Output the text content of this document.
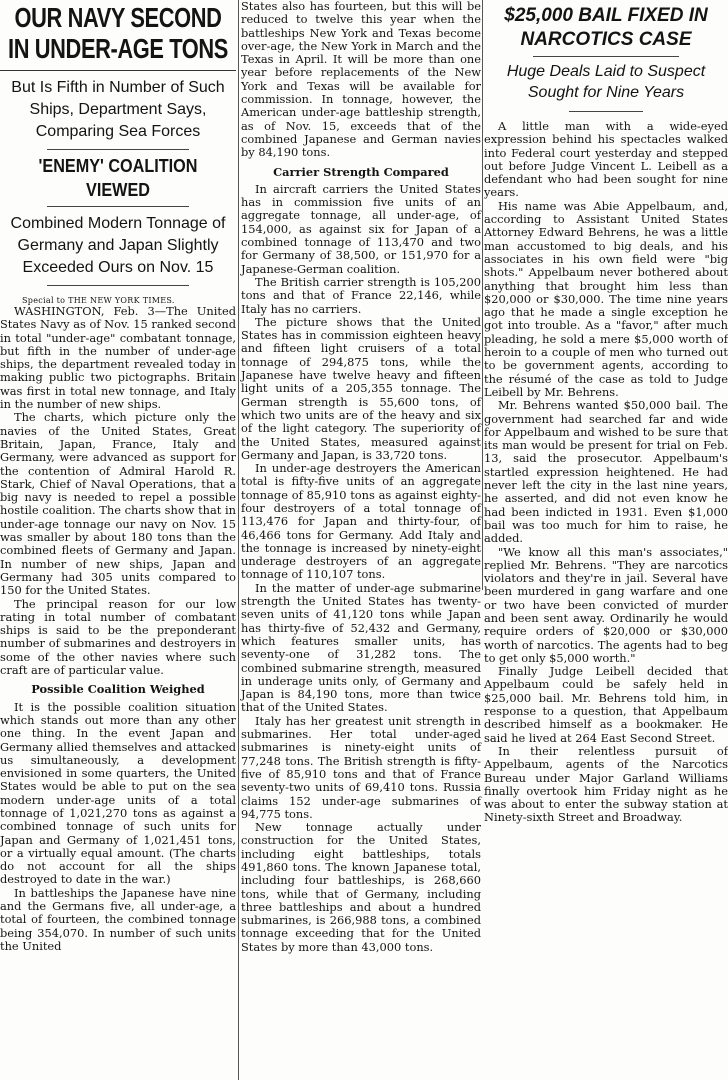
OUR NAVY SECOND IN UNDER-AGE TONS
But Is Fifth in Number of Such Ships, Department Says, Comparing Sea Forces
'ENEMY' COALITION VIEWED
Combined Modern Tonnage of Germany and Japan Slightly Exceeded Ours on Nov. 15
Special to THE NEW YORK TIMES.

WASHINGTON, Feb. 3—The United States Navy as of Nov. 15 ranked second in total "under-age" combatant tonnage, but fifth in the number of under-age ships, the department revealed today in making public two pictographs. Britain was first in total new tonnage, and Italy in the number of new ships.

The charts, which picture only the navies of the United States, Great Britain, Japan, France, Italy and Germany, were advanced as support for the contention of Admiral Harold R. Stark, Chief of Naval Operations, that a big navy is needed to repel a possible hostile coalition. The charts show that in under-age tonnage our navy on Nov. 15 was smaller by about 180 tons than the combined fleets of Germany and Japan. In number of new ships, Japan and Germany had 305 units compared to 150 for the United States.

The principal reason for our low rating in total number of combatant ships is said to be the preponderant number of submarines and destroyers in some of the other navies where such craft are of particular value.

Possible Coalition Weighed

It is the possible coalition situation which stands out more than any other one thing. In the event Japan and Germany allied themselves and attacked us simultaneously, a development envisioned in some quarters, the United States would be able to put on the sea modern under-age units of a total tonnage of 1,021,270 tons as against a combined tonnage of such units for Japan and Germany of 1,021,451 tons, or a virtually equal amount. (The charts do not account for all the ships destroyed to date in the war.)

In battleships the Japanese have nine and the Germans five, all under-age, a total of fourteen, the combined tonnage being 354,070. In number of such units the United

States also has fourteen, but this will be reduced to twelve this year when the battleships New York and Texas become over-age, the New York in March and the Texas in April. It will be more than one year before replacements of the New York and Texas will be available for commission. In tonnage, however, the American under-age battleship strength, as of Nov. 15, exceeds that of the combined Japanese and German navies by 84,190 tons.

Carrier Strength Compared

In aircraft carriers the United States has in commission five units of an aggregate tonnage, all under-age, of 154,000, as against six for Japan of a combined tonnage of 113,470 and two for Germany of 38,500, or 151,970 for a Japanese-German coalition.

The British carrier strength is 105,200 tons and that of France 22,146, while Italy has no carriers.

The picture shows that the United States has in commission eighteen heavy and fifteen light cruisers of a total tonnage of 294,875 tons, while the Japanese have twelve heavy and fifteen light units of a 205,355 tonnage. The German strength is 55,600 tons, of which two units are of the heavy and six of the light category. The superiority of the United States, measured against Germany and Japan, is 33,720 tons.

In under-age destroyers the American total is fifty-five units of an aggregate tonnage of 85,910 tons as against eighty-four destroyers of a total tonnage of 113,476 for Japan and thirty-four, of 46,466 tons for Germany. Add Italy and the tonnage is increased by ninety-eight underage destroyers of an aggregate tonnage of 110,107 tons.

In the matter of under-age submarine strength the United States has twenty-seven units of 41,120 tons while Japan has thirty-five of 52,432 and Germany, which features smaller units, has seventy-one of 31,282 tons. The combined submarine strength, measured in underage units only, of Germany and Japan is 84,190 tons, more than twice that of the United States.

Italy has her greatest unit strength in submarines. Her total under-aged submarines is ninety-eight units of 77,248 tons. The British strength is fifty-five of 85,910 tons and that of France seventy-two units of 69,410 tons. Russia claims 152 under-age submarines of 94,775 tons.

New tonnage actually under construction for the United States, including eight battleships, totals 491,860 tons. The known Japanese total, including four battleships, is 268,660 tons, while that of Germany, including three battleships and about a hundred submarines, is 266,988 tons, a combined tonnage exceeding that for the United States by more than 43,000 tons.

$25,000 BAIL FIXED IN NARCOTICS CASE
Huge Deals Laid to Suspect Sought for Nine Years

A little man with a wide-eyed expression behind his spectacles walked into Federal court yesterday and stepped out before Judge Vincent L. Leibell as a defendant who had been sought for nine years.

His name was Abie Appelbaum, and, according to Assistant United States Attorney Edward Behrens, he was a little man accustomed to big deals, and his associates in his own field were "big shots." Appelbaum never bothered about anything that brought him less than $20,000 or $30,000. The time nine years ago that he made a single exception he got into trouble. As a "favor," after much pleading, he sold a mere $5,000 worth of heroin to a couple of men who turned out to be government agents, according to the résumé of the case as told to Judge Leibell by Mr. Behrens.

Mr. Behrens wanted $50,000 bail. The government had searched far and wide for Appelbaum and wished to be sure that its man would be present for trial on Feb. 13, said the prosecutor. Appelbaum's startled expression heightened. He had never left the city in the last nine years, he asserted, and did not even know he had been indicted in 1931. Even $1,000 bail was too much for him to raise, he added.

"We know all this man's associates," replied Mr. Behrens. "They are narcotics violators and they're in jail. Several have been murdered in gang warfare and one or two have been convicted of murder and been sent away. Ordinarily he would require orders of $20,000 or $30,000 worth of narcotics. The agents had to beg to get only $5,000 worth."

Finally Judge Leibell decided that Appelbaum could be safely held in $25,000 bail. Mr. Behrens told him, in response to a question, that Appelbaum described himself as a bookmaker. He said he lived at 264 East Second Street.

In their relentless pursuit of Appelbaum, agents of the Narcotics Bureau under Major Garland Williams finally overtook him Friday night as he was about to enter the subway station at Ninety-sixth Street and Broadway.
